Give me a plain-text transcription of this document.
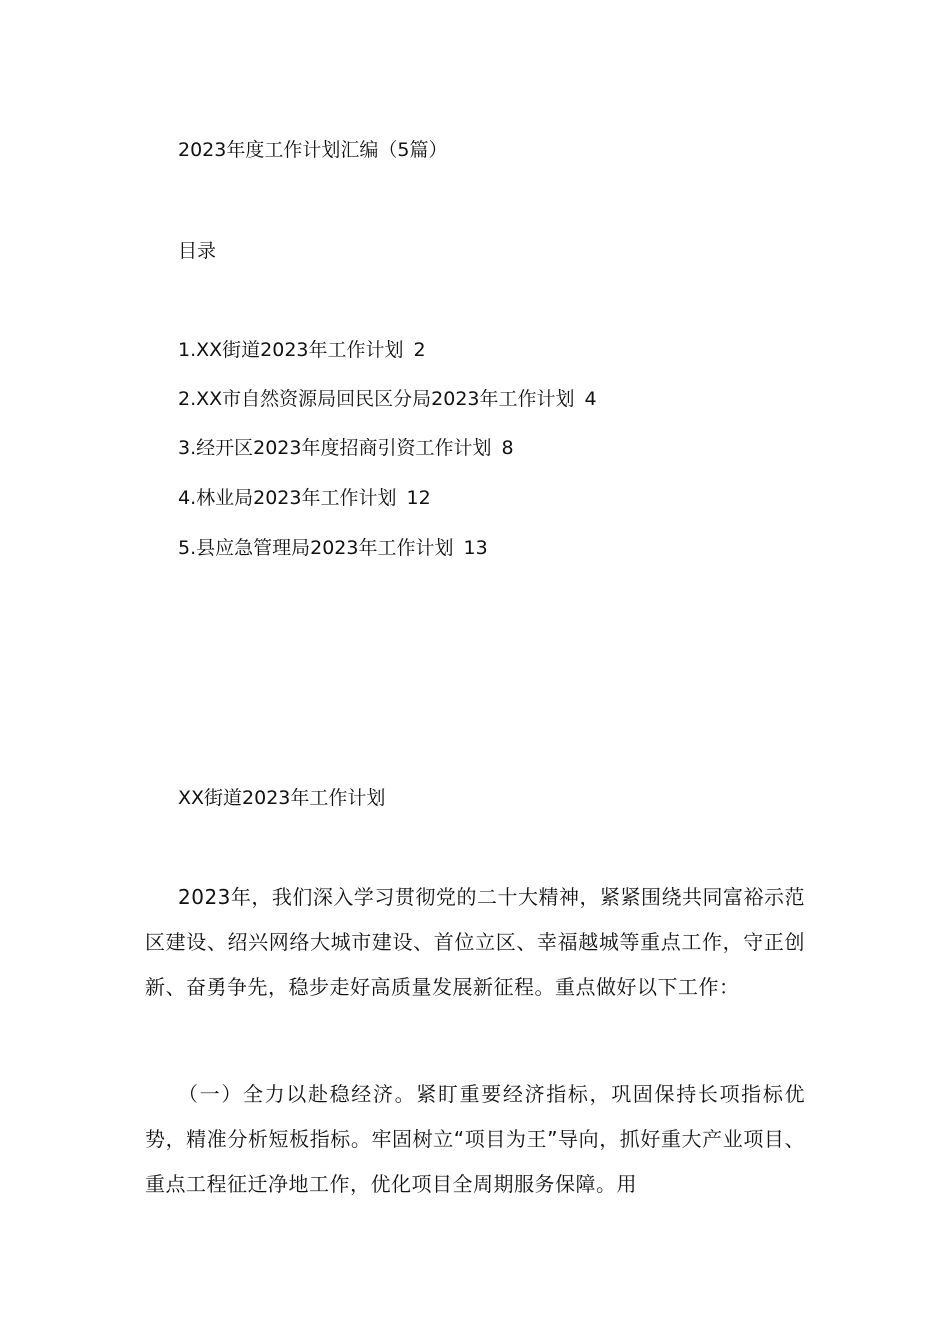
2023年度工作计划汇编（5篇）
目录
1.XX街道2023年工作计划 2
2.XX市自然资源局回民区分局2023年工作计划 4
3.经开区2023年度招商引资工作计划 8
4.林业局2023年工作计划 12
5.县应急管理局2023年工作计划 13
XX街道2023年工作计划
2023年，我们深入学习贯彻党的二十大精神，紧紧围绕共同富裕示范区建设、绍兴网络大城市建设、首位立区、幸福越城等重点工作，守正创新、奋勇争先，稳步走好高质量发展新征程。重点做好以下工作：
（一）全力以赴稳经济。紧盯重要经济指标，巩固保持长项指标优势，精准分析短板指标。牢固树立“项目为王”导向，抓好重大产业项目、重点工程征迁净地工作，优化项目全周期服务保障。用
